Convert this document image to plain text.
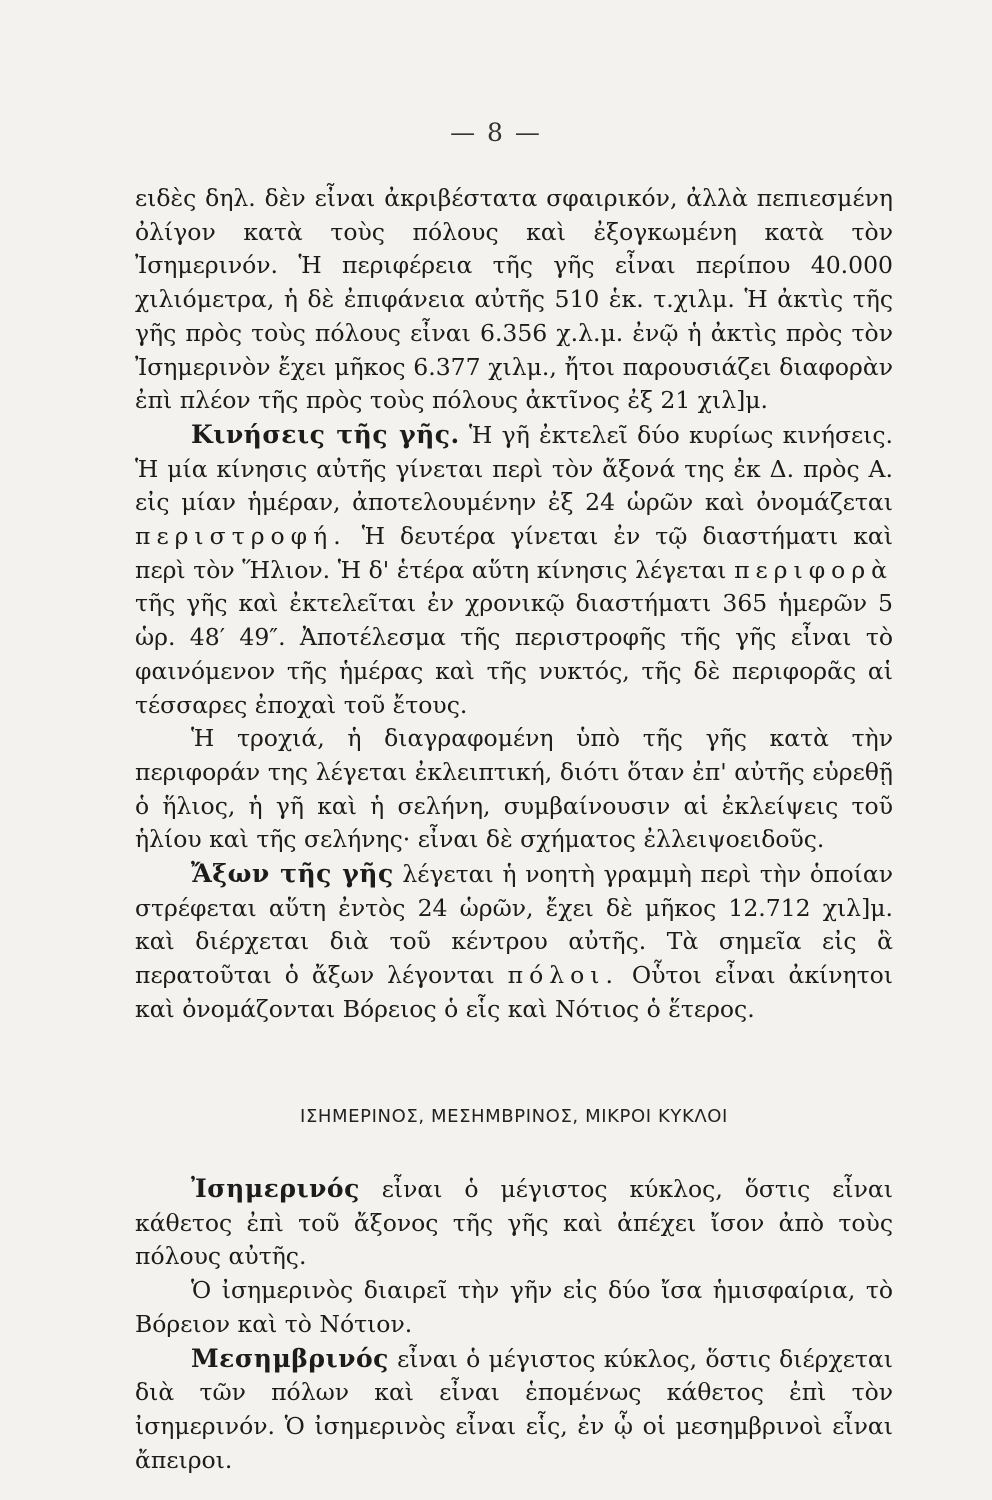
— 8 —

ειδὲς δηλ. δὲν εἶναι ἀκριβέστατα σφαιρικόν, ἀλλὰ πεπιεσμένη ὀλίγον κατὰ τοὺς πόλους καὶ ἐξογκωμένη κατὰ τὸν Ἰσημερινόν. Ἡ περιφέρεια τῆς γῆς εἶναι περίπου 40.000 χιλιόμετρα, ἡ δὲ ἐπιφάνεια αὐτῆς 510 ἑκ. τ.χιλμ. Ἡ ἀκτὶς τῆς γῆς πρὸς τοὺς πόλους εἶναι 6.356 χ.λ.μ. ἐνῷ ἡ ἀκτὶς πρὸς τὸν Ἰσημερινὸν ἔχει μῆκος 6.377 χιλμ., ἤτοι παρουσιάζει διαφορὰν ἐπὶ πλέον τῆς πρὸς τοὺς πόλους ἀκτῖνος ἐξ 21 χιλ]μ.

Κινήσεις τῆς γῆς. Ἡ γῆ ἐκτελεῖ δύο κυρίως κινήσεις. Ἡ μία κίνησις αὐτῆς γίνεται περὶ τὸν ἄξονά της ἐκ Δ. πρὸς Α. εἰς μίαν ἡμέραν, ἀποτελουμένην ἐξ 24 ὡρῶν καὶ ὀνομάζεται περιστροφή. Ἡ δευτέρα γίνεται ἐν τῷ διαστήματι καὶ περὶ τὸν Ἥλιον. Ἡ δ' ἑτέρα αὕτη κίνησις λέγεται περιφορὰ τῆς γῆς καὶ ἐκτελεῖται ἐν χρονικῷ διαστήματι 365 ἡμερῶν 5 ὡρ. 48′ 49″. Ἀποτέλεσμα τῆς περιστροφῆς τῆς γῆς εἶναι τὸ φαινόμενον τῆς ἡμέρας καὶ τῆς νυκτός, τῆς δὲ περιφορᾶς αἱ τέσσαρες ἐποχαὶ τοῦ ἔτους.

Ἡ τροχιά, ἡ διαγραφομένη ὑπὸ τῆς γῆς κατὰ τὴν περιφοράν της λέγεται ἐκλειπτική, διότι ὅταν ἐπ' αὐτῆς εὑρεθῇ ὁ ἥλιος, ἡ γῆ καὶ ἡ σελήνη, συμβαίνουσιν αἱ ἐκλείψεις τοῦ ἡλίου καὶ τῆς σελήνης· εἶναι δὲ σχήματος ἐλλειψοειδοῦς.

Ἄξων τῆς γῆς λέγεται ἡ νοητὴ γραμμὴ περὶ τὴν ὁποίαν στρέφεται αὕτη ἐντὸς 24 ὡρῶν, ἔχει δὲ μῆκος 12.712 χιλ]μ. καὶ διέρχεται διὰ τοῦ κέντρου αὐτῆς. Τὰ σημεῖα εἰς ἃ περατοῦται ὁ ἄξων λέγονται πόλοι. Οὗτοι εἶναι ἀκίνητοι καὶ ὀνομάζονται Βόρειος ὁ εἷς καὶ Νότιος ὁ ἕτερος.

ΙΣΗΜΕΡΙΝΟΣ, ΜΕΣΗΜΒΡΙΝΟΣ, ΜΙΚΡΟΙ ΚΥΚΛΟΙ

Ἰσημερινός εἶναι ὁ μέγιστος κύκλος, ὅστις εἶναι κάθετος ἐπὶ τοῦ ἄξονος τῆς γῆς καὶ ἀπέχει ἴσον ἀπὸ τοὺς πόλους αὐτῆς.

Ὁ ἰσημερινὸς διαιρεῖ τὴν γῆν εἰς δύο ἴσα ἡμισφαίρια, τὸ Βόρειον καὶ τὸ Νότιον.

Μεσημβρινός εἶναι ὁ μέγιστος κύκλος, ὅστις διέρχεται διὰ τῶν πόλων καὶ εἶναι ἑπομένως κάθετος ἐπὶ τὸν ἰσημερινόν. Ὁ ἰσημερινὸς εἶναι εἷς, ἐν ᾧ οἱ μεσημβρινοὶ εἶναι ἄπειροι.
